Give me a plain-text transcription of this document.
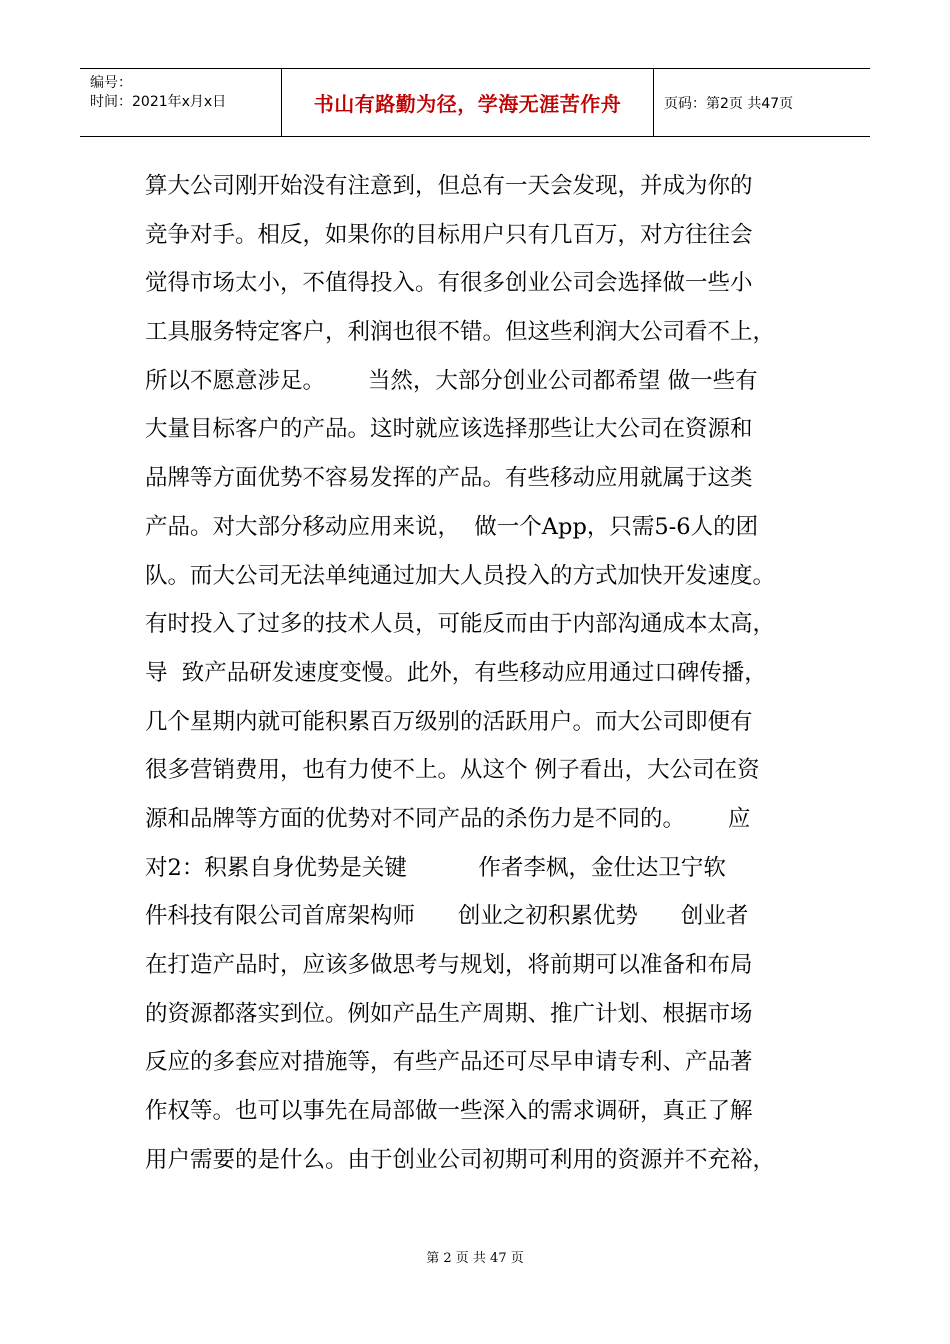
编号：
时间：2021年x月x日	书山有路勤为径，学海无涯苦作舟	页码：第2页 共47页
算大公司刚开始没有注意到，但总有一天会发现，并成为你的
竞争对手。相反，如果你的目标用户只有几百万，对方往往会
觉得市场太小，不值得投入。有很多创业公司会选择做一些小
工具服务特定客户，利润也很不错。但这些利润大公司看不上，
所以不愿意涉足。      当然，大部分创业公司都希望 做一些有
大量目标客户的产品。这时就应该选择那些让大公司在资源和
品牌等方面优势不容易发挥的产品。有些移动应用就属于这类
产品。对大部分移动应用来说，  做一个App，只需5-6人的团
队。而大公司无法单纯通过加大人员投入的方式加快开发速度。
有时投入了过多的技术人员，可能反而由于内部沟通成本太高，
导  致产品研发速度变慢。此外，有些移动应用通过口碑传播，
几个星期内就可能积累百万级别的活跃用户。而大公司即便有
很多营销费用，也有力使不上。从这个 例子看出，大公司在资
源和品牌等方面的优势对不同产品的杀伤力是不同的。      应
对2：积累自身优势是关键          作者李枫，金仕达卫宁软
件科技有限公司首席架构师      创业之初积累优势      创业者
在打造产品时，应该多做思考与规划，将前期可以准备和布局
的资源都落实到位。例如产品生产周期、推广计划、根据市场
反应的多套应对措施等，有些产品还可尽早申请专利、产品著
作权等。也可以事先在局部做一些深入的需求调研，真正了解
用户需要的是什么。由于创业公司初期可利用的资源并不充裕，
第 2 页 共 47 页
